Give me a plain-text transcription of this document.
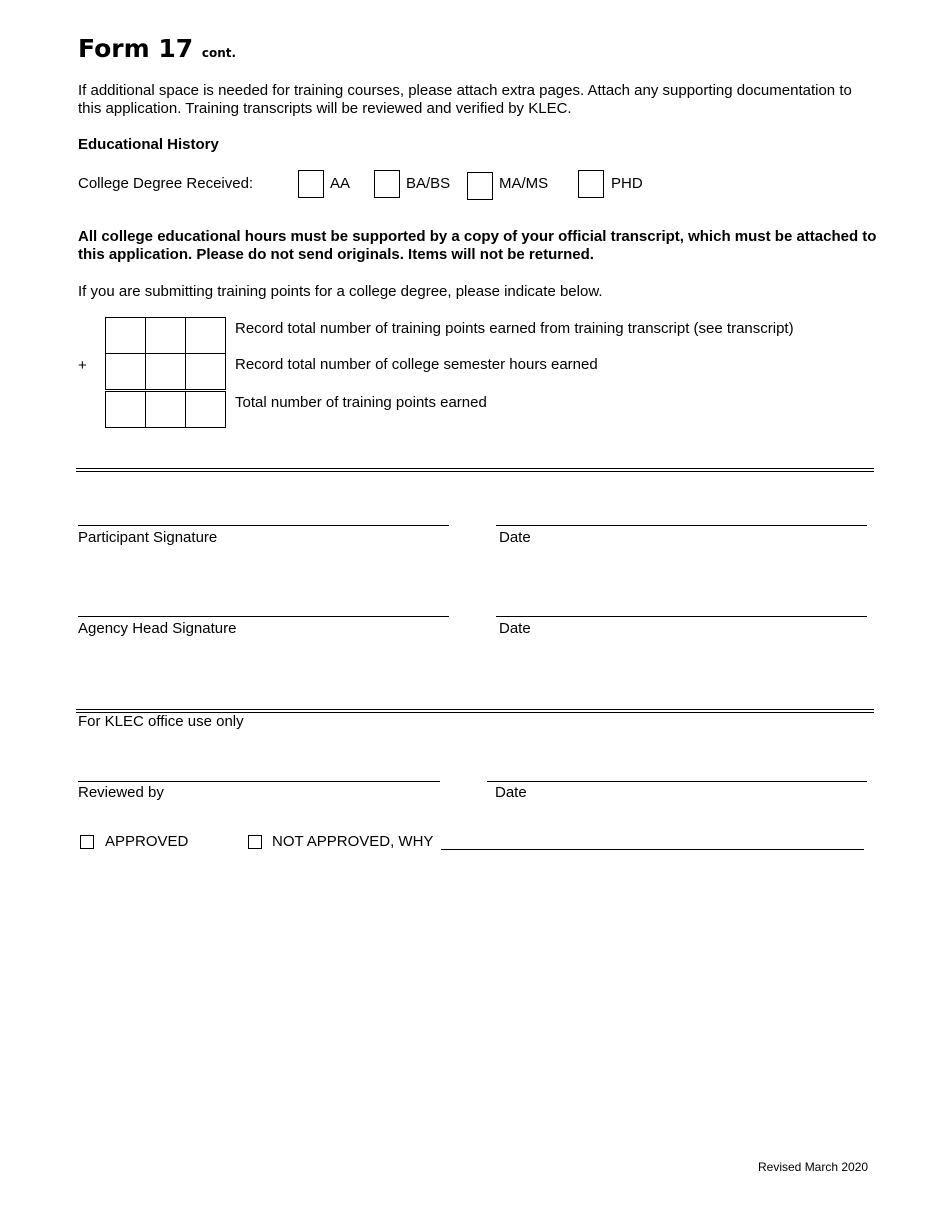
Form 17 cont.
If additional space is needed for training courses, please attach extra pages. Attach any supporting documentation to this application. Training transcripts will be reviewed and verified by KLEC.
Educational History
College Degree Received:	AA	BA/BS	MA/MS	PHD
All college educational hours must be supported by a copy of your official transcript, which must be attached to this application. Please do not send originals. Items will not be returned.
If you are submitting training points for a college degree, please indicate below.
+
Record total number of training points earned from training transcript (see transcript)
Record total number of college semester hours earned
Total number of training points earned
Participant Signature	Date
Agency Head Signature	Date
For KLEC office use only
Reviewed by	Date
APPROVED	NOT APPROVED, WHY
Revised March 2020
